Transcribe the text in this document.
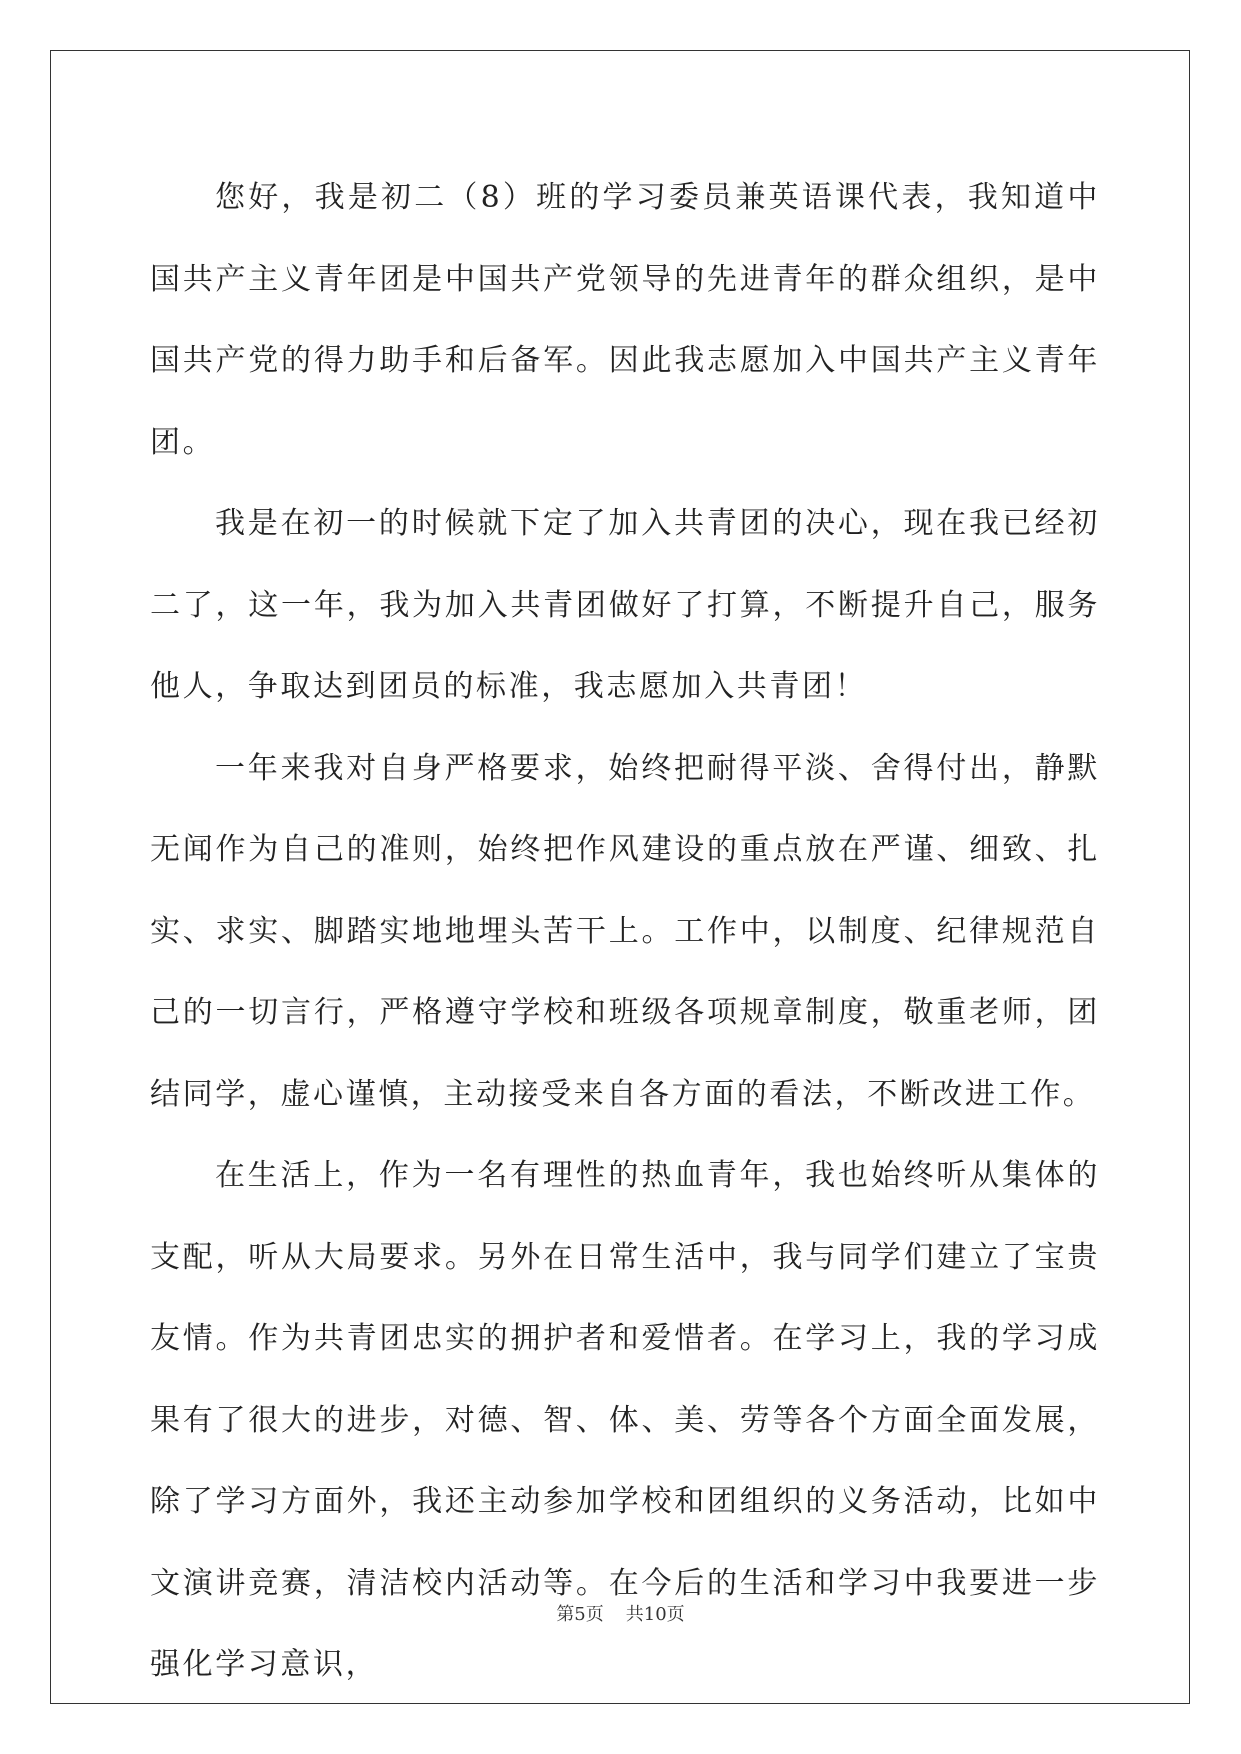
您好，我是初二（8）班的学习委员兼英语课代表，我知道中国共产主义青年团是中国共产党领导的先进青年的群众组织，是中国共产党的得力助手和后备军。因此我志愿加入中国共产主义青年团。

我是在初一的时候就下定了加入共青团的决心，现在我已经初二了，这一年，我为加入共青团做好了打算，不断提升自己，服务他人，争取达到团员的标准，我志愿加入共青团！

一年来我对自身严格要求，始终把耐得平淡、舍得付出，静默无闻作为自己的准则，始终把作风建设的重点放在严谨、细致、扎实、求实、脚踏实地地埋头苦干上。工作中，以制度、纪律规范自己的一切言行，严格遵守学校和班级各项规章制度，敬重老师，团结同学，虚心谨慎，主动接受来自各方面的看法，不断改进工作。

在生活上，作为一名有理性的热血青年，我也始终听从集体的支配，听从大局要求。另外在日常生活中，我与同学们建立了宝贵友情。作为共青团忠实的拥护者和爱惜者。在学习上，我的学习成果有了很大的进步，对德、智、体、美、劳等各个方面全面发展，除了学习方面外，我还主动参加学校和团组织的义务活动，比如中文演讲竞赛，清洁校内活动等。在今后的生活和学习中我要进一步强化学习意识，

第5页 共10页
